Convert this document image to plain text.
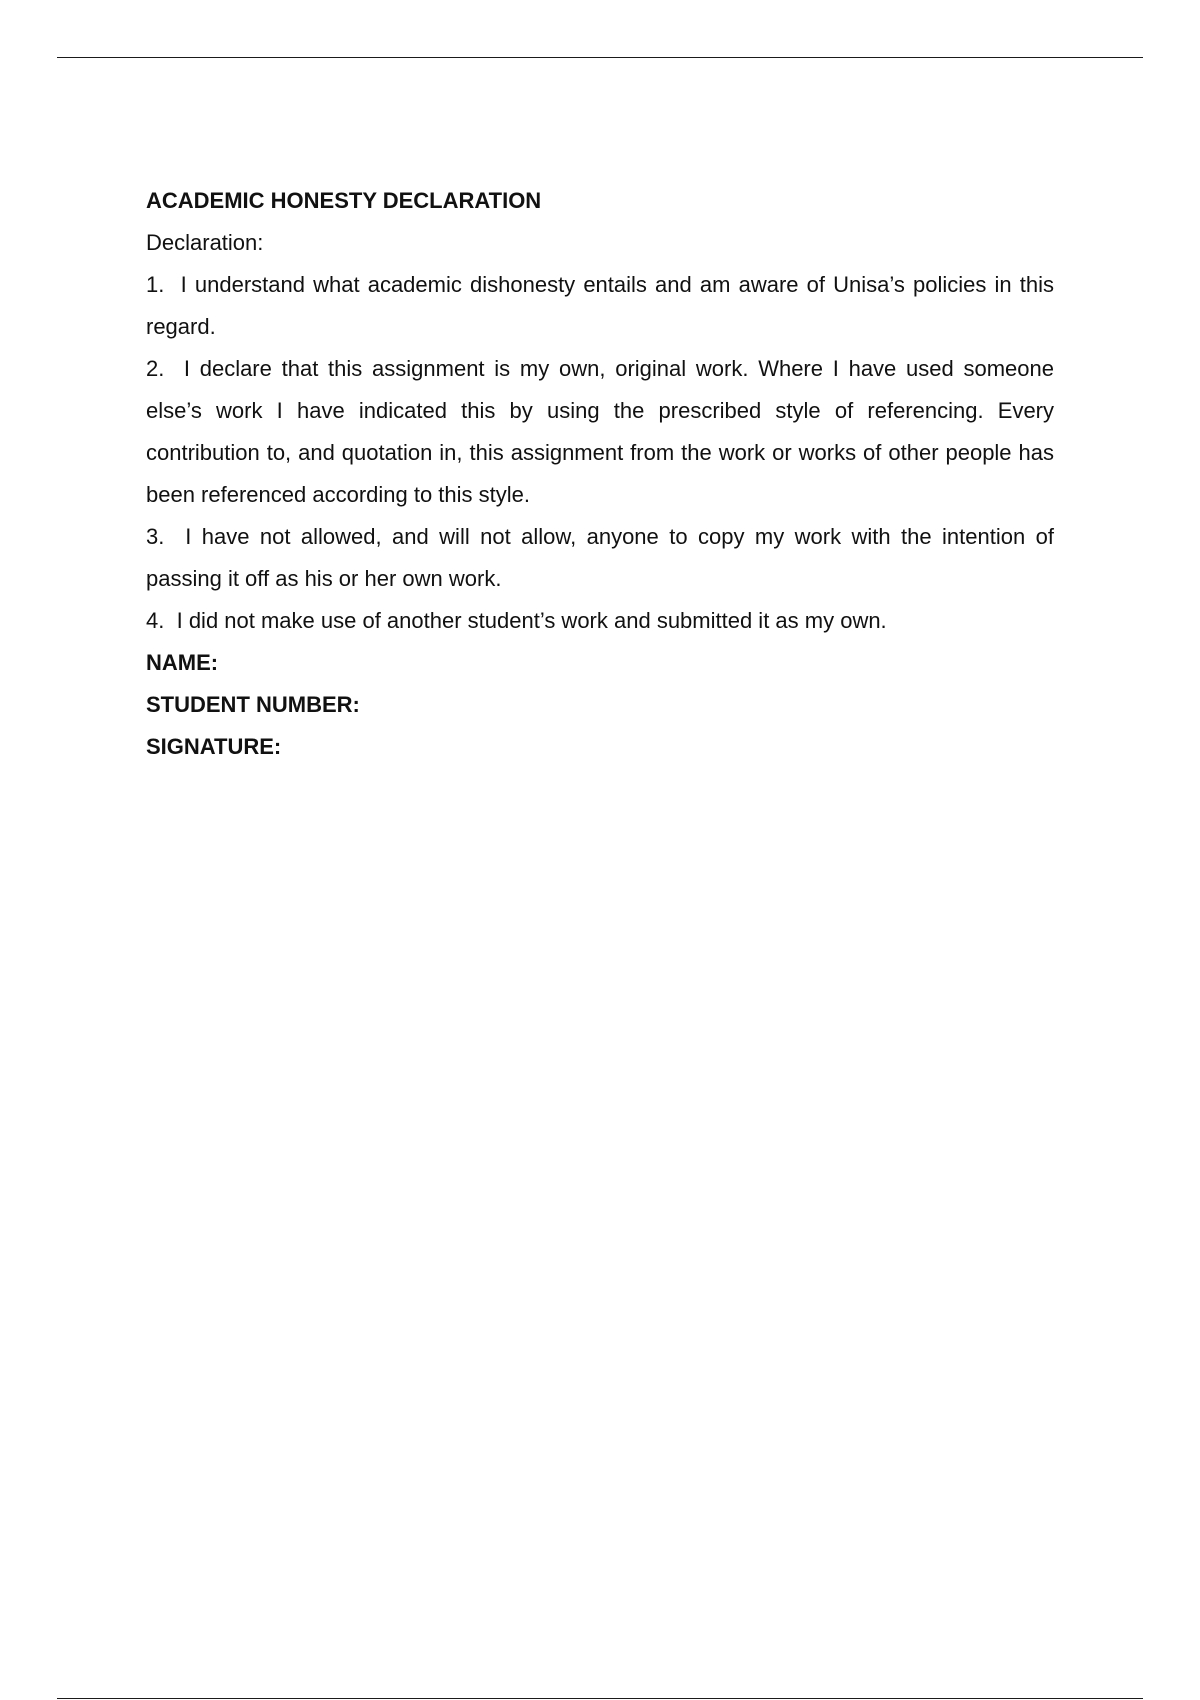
ACADEMIC HONESTY DECLARATION
Declaration:

1. I understand what academic dishonesty entails and am aware of Unisa’s policies in this regard.

2. I declare that this assignment is my own, original work. Where I have used someone else’s work I have indicated this by using the prescribed style of referencing. Every contribution to, and quotation in, this assignment from the work or works of other people has been referenced according to this style.

3. I have not allowed, and will not allow, anyone to copy my work with the intention of passing it off as his or her own work.

4. I did not make use of another student’s work and submitted it as my own.

NAME:
STUDENT NUMBER:
SIGNATURE:
